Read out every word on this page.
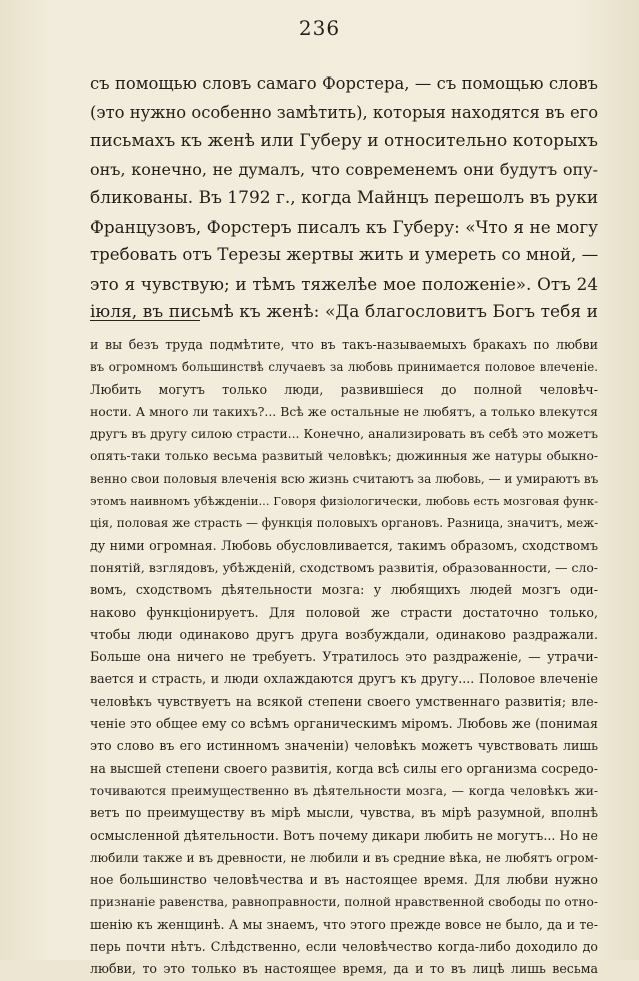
236
съ помощью словъ самаго Форстера, — съ помощью словъ
(это нужно особенно замѣтить), которыя находятся въ его
письмахъ къ женѣ или Губеру и относительно которыхъ
онъ, конечно, не думалъ, что современемъ они будутъ опу-
бликованы. Въ 1792 г., когда Майнцъ перешолъ въ руки
Французовъ, Форстеръ писалъ къ Губеру: «Что я не могу
требовать отъ Терезы жертвы жить и умереть со мной, —
это я чувствую; и тѣмъ тяжелѣе мое положенiе». Отъ 24
iюля, въ письмѣ къ женѣ: «Да благословитъ Богъ тебя и
и вы безъ труда подмѣтите, что въ такъ-называемыхъ бракахъ по любви
въ огромномъ большинствѣ случаевъ за любовь принимается половое влеченiе.
Любить могутъ только люди, развившiеся до полной человѣч-
ности. А много ли такихъ?... Всѣ же остальные не любятъ, а только влекутся
другъ въ другу силою страсти... Конечно, анализировать въ себѣ это можетъ
опять-таки только весьма развитый человѣкъ; дюжинныя же натуры обыкно-
венно свои половыя влеченiя всю жизнь считаютъ за любовь, — и умираютъ въ
этомъ наивномъ убѣжденiи... Говоря физiологически, любовь есть мозговая функ-
цiя, половая же страсть — функцiя половыхъ органовъ. Разница, значитъ, меж-
ду ними огромная. Любовь обусловливается, такимъ образомъ, сходствомъ
понятiй, взглядовъ, убѣжденiй, сходствомъ развитiя, образованности, — сло-
вомъ, сходствомъ дѣятельности мозга: у любящихъ людей мозгъ оди-
наково функцiонируетъ. Для половой же страсти достаточно только,
чтобы люди одинаково другъ друга возбуждали, одинаково раздражали.
Больше она ничего не требуетъ. Утратилось это раздраженiе, — утрачи-
вается и страсть, и люди охлаждаются другъ къ другу.... Половое влеченiе
человѣкъ чувствуетъ на всякой степени своего умственнаго развитiя; вле-
ченiе это общее ему со всѣмъ органическимъ мiромъ. Любовь же (понимая
это слово въ его истинномъ значенiи) человѣкъ можетъ чувствовать лишь
на высшей степени своего развитiя, когда всѣ силы его организма сосредо-
точиваются преимущественно въ дѣятельности мозга, — когда человѣкъ жи-
ветъ по преимуществу въ мiрѣ мысли, чувства, въ мiрѣ разумной, вполнѣ
осмысленной дѣятельности. Вотъ почему дикари любить не могутъ... Но не
любили также и въ древности, не любили и въ средние вѣка, не любятъ огром-
ное большинство человѣчества и въ настоящее время. Для любви нужно
признанiе равенства, равноправности, полной нравственной свободы по отно-
шенiю къ женщинѣ. А мы знаемъ, что этого прежде вовсе не было, да и те-
перь почти нѣтъ. Слѣдственно, если человѣчество когда-либо доходило до
любви, то это только въ настоящее время, да и то въ лицѣ лишь весьма
